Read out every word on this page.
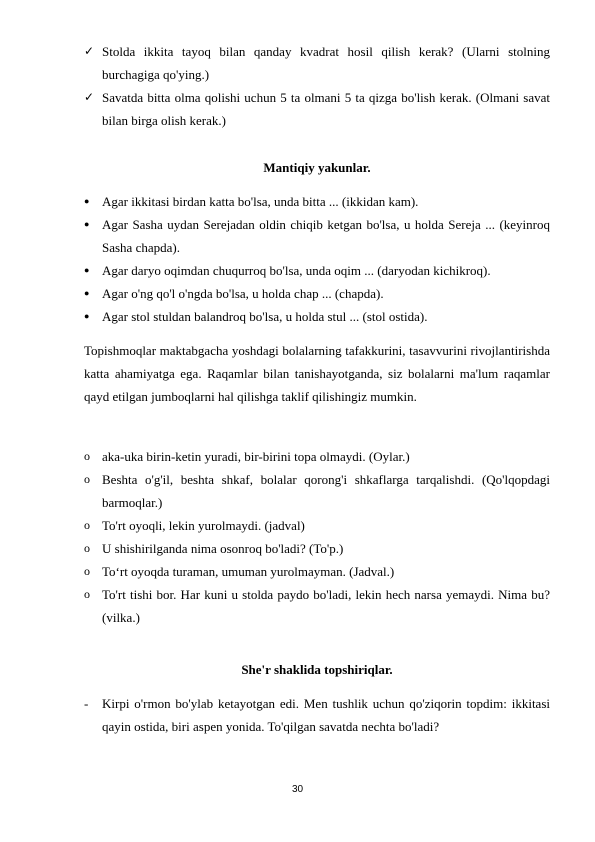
✓ Stolda ikkita tayoq bilan qanday kvadrat hosil qilish kerak? (Ularni stolning burchagiga qo'ying.)
✓ Savatda bitta olma qolishi uchun 5 ta olmani 5 ta qizga bo'lish kerak. (Olmani savat bilan birga olish kerak.)
Mantiqiy yakunlar.
● Agar ikkitasi birdan katta bo'lsa, unda bitta ... (ikkidan kam).
● Agar Sasha uydan Serejadan oldin chiqib ketgan bo'lsa, u holda Sereja ... (keyinroq Sasha chapda).
● Agar daryo oqimdan chuqurroq bo'lsa, unda oqim ... (daryodan kichikroq).
● Agar o'ng qo'l o'ngda bo'lsa, u holda chap ... (chapda).
● Agar stol stuldan balandroq bo'lsa, u holda stul ... (stol ostida).
Topishmoqlar maktabgacha yoshdagi bolalarning tafakkurini, tasavvurini rivojlantirishda katta ahamiyatga ega. Raqamlar bilan tanishayotganda, siz bolalarni ma'lum raqamlar qayd etilgan jumboqlarni hal qilishga taklif qilishingiz mumkin.
o aka-uka birin-ketin yuradi, bir-birini topa olmaydi. (Oylar.)
o Beshta o'g'il, beshta shkaf, bolalar qorong'i shkaflarga tarqalishdi. (Qo'lqopdagi barmoqlar.)
o To'rt oyoqli, lekin yurolmaydi. (jadval)
o U shishirilganda nima osonroq bo'ladi? (To'p.)
o To‘rt oyoqda turaman, umuman yurolmayman. (Jadval.)
o To'rt tishi bor. Har kuni u stolda paydo bo'ladi, lekin hech narsa yemaydi. Nima bu? (vilka.)
She'r shaklida topshiriqlar.
-	Kirpi o'rmon bo'ylab ketayotgan edi. Men tushlik uchun qo'ziqorin topdim: ikkitasi qayin ostida, biri aspen yonida. To'qilgan savatda nechta bo'ladi?
30
